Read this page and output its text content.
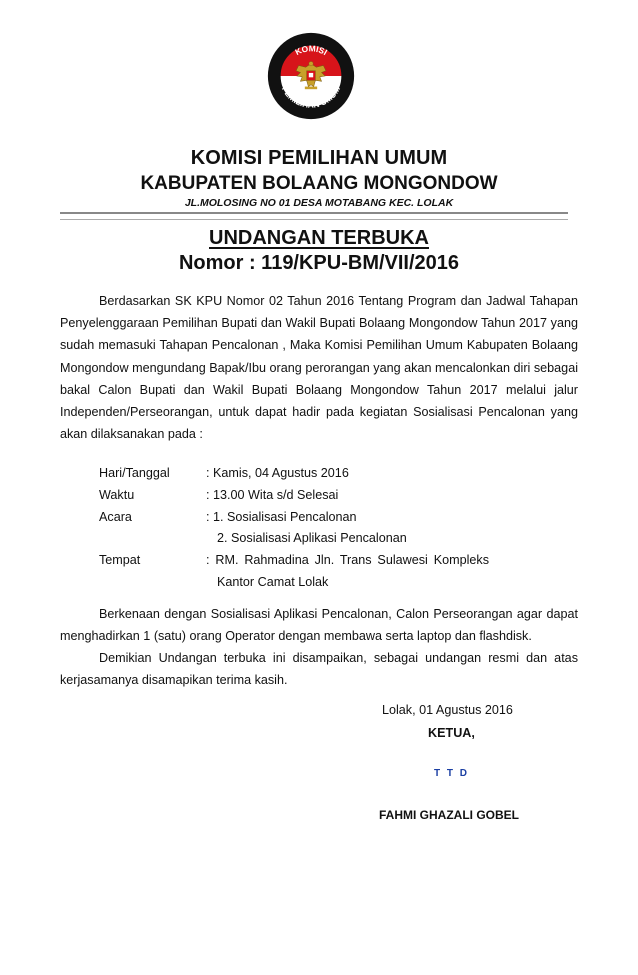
KOMISI
PEMILIHAN UMUM
KOMISI PEMILIHAN UMUM
KABUPATEN BOLAANG MONGONDOW
JL.MOLOSING NO 01 DESA MOTABANG KEC. LOLAK
UNDANGAN TERBUKA
Nomor : 119/KPU-BM/VII/2016
Berdasarkan SK KPU Nomor 02 Tahun 2016 Tentang Program dan Jadwal Tahapan Penyelenggaraan Pemilihan Bupati dan Wakil Bupati Bolaang Mongondow Tahun 2017 yang sudah memasuki Tahapan Pencalonan , Maka Komisi Pemilihan Umum Kabupaten Bolaang Mongondow mengundang Bapak/Ibu orang perorangan yang akan mencalonkan diri sebagai bakal Calon Bupati dan Wakil Bupati Bolaang Mongondow Tahun 2017 melalui jalur Independen/Perseorangan, untuk dapat hadir pada kegiatan Sosialisasi Pencalonan yang akan dilaksanakan pada :
Hari/Tanggal	: Kamis, 04 Agustus 2016
Waktu	: 13.00 Wita s/d Selesai
Acara	: 1. Sosialisasi Pencalonan
2. Sosialisasi Aplikasi Pencalonan
Tempat	: RM. Rahmadina Jln. Trans Sulawesi Kompleks
Kantor Camat Lolak
Berkenaan dengan Sosialisasi Aplikasi Pencalonan, Calon Perseorangan agar dapat menghadirkan 1 (satu) orang Operator dengan membawa serta laptop dan flashdisk.
Demikian Undangan terbuka ini disampaikan, sebagai undangan resmi dan atas kerjasamanya disamapikan terima kasih.
Lolak, 01 Agustus 2016
KETUA,
T T D
FAHMI GHAZALI GOBEL
